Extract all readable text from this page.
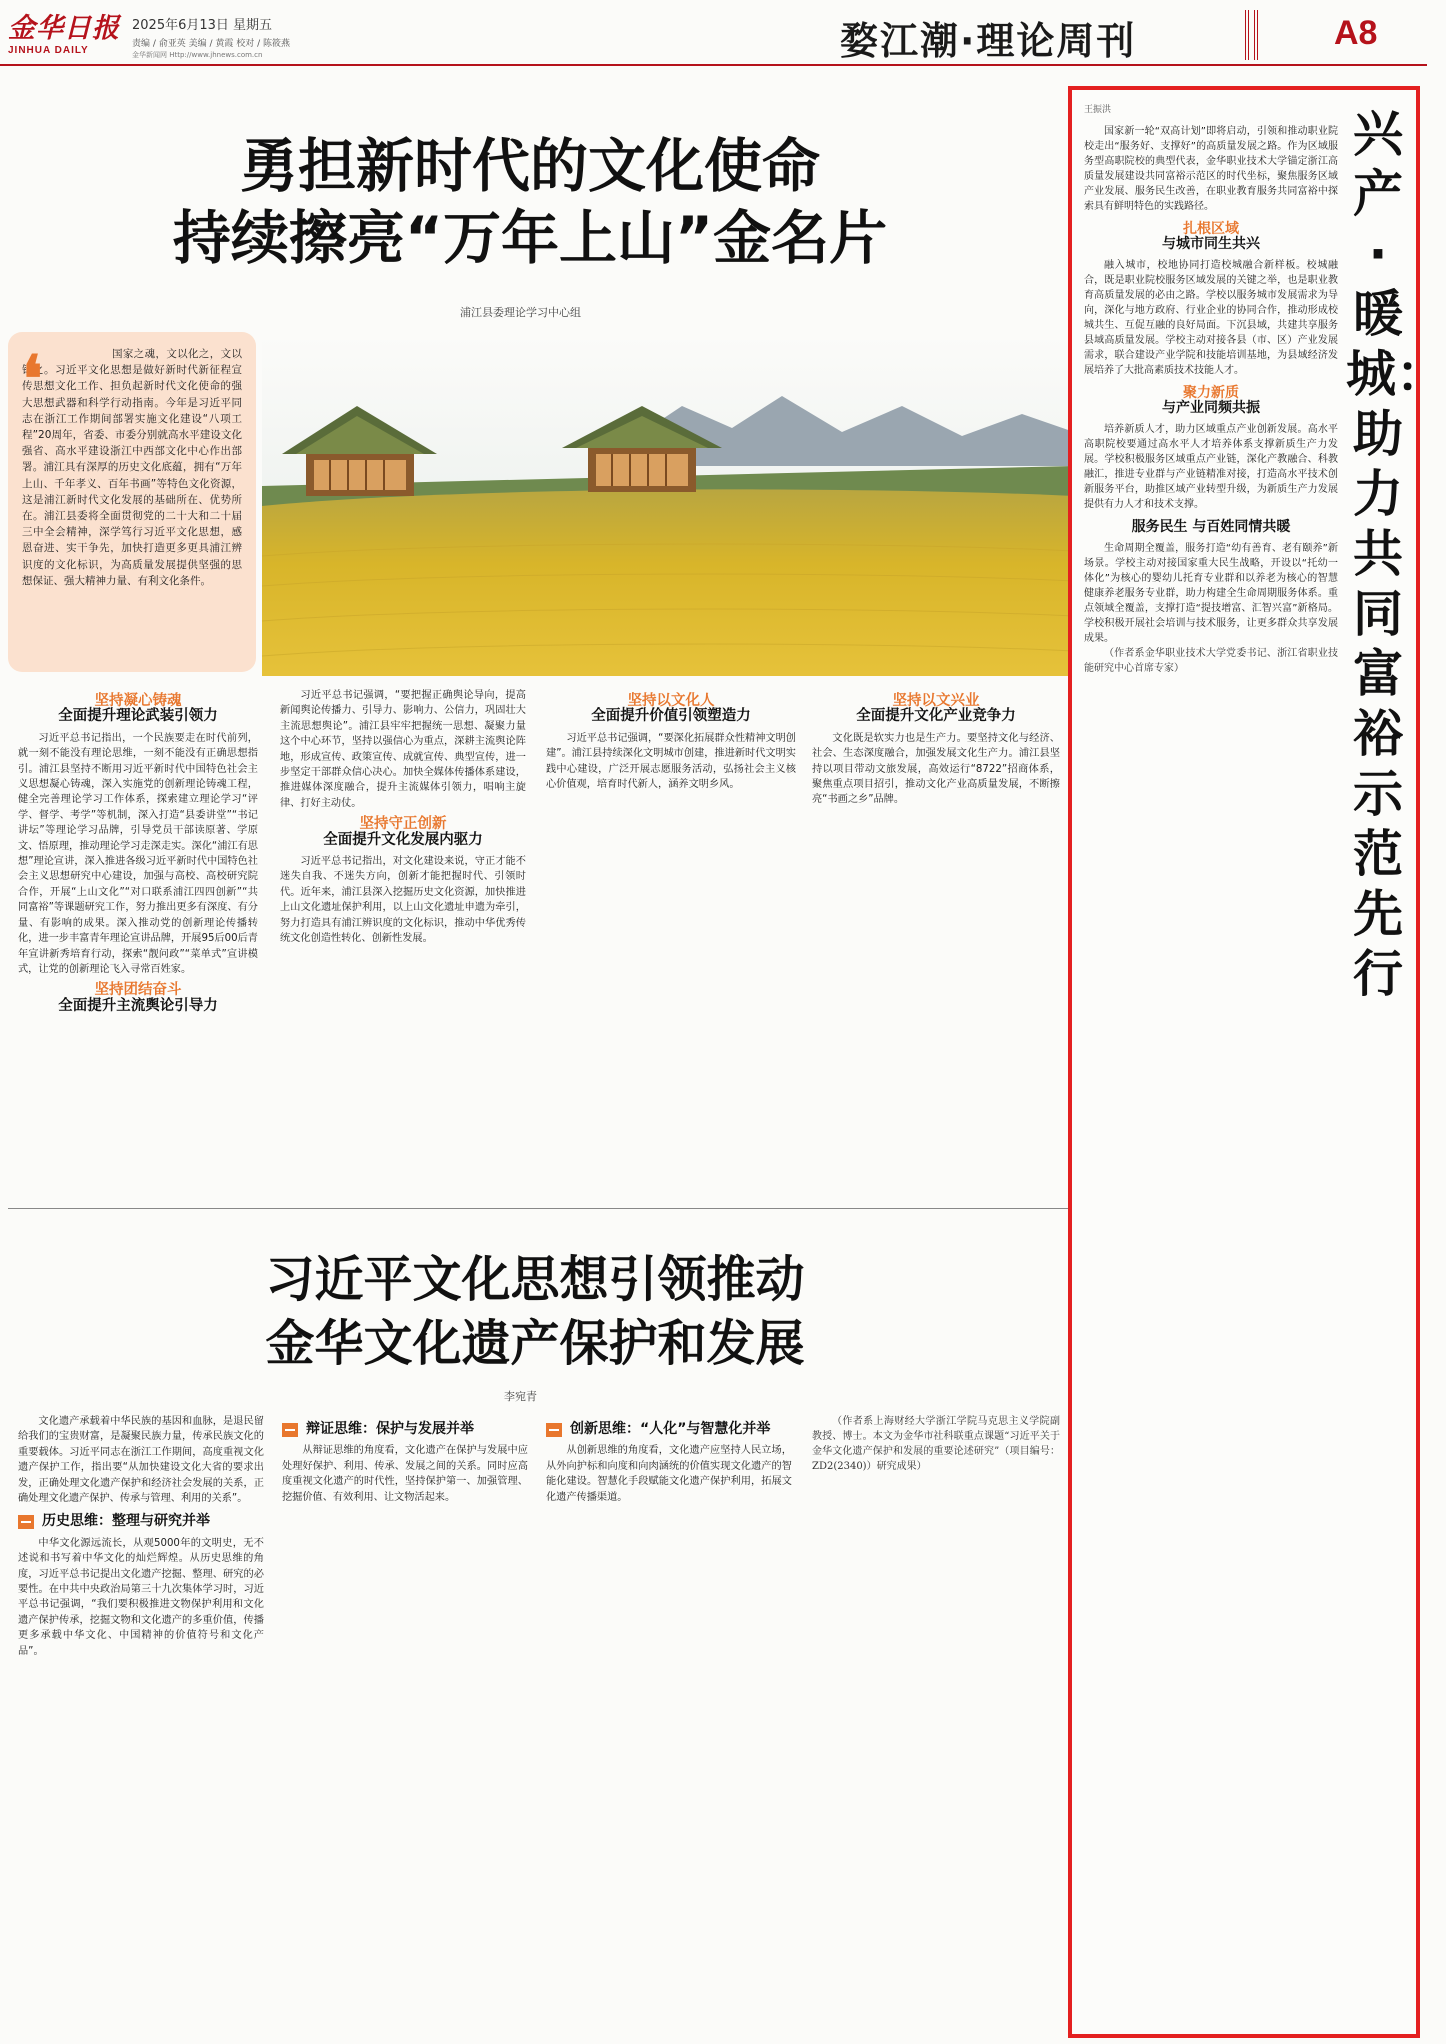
金华日报
JINHUA DAILY
2025年6月13日 星期五
责编 / 俞亚英 美编 / 黄霞 校对 / 陈筱燕
金华新闻网 Http://www.jhnews.com.cn	婺江潮·理论周刊	A8
勇担新时代的文化使命
持续擦亮“万年上山”金名片
浦江县委理论学习中心组
❛	国家之魂，文以化之，文以铸之。习近平文化思想是做好新时代新征程宣传思想文化工作、担负起新时代文化使命的强大思想武器和科学行动指南。今年是习近平同志在浙江工作期间部署实施文化建设“八项工程”20周年，省委、市委分别就高水平建设文化强省、高水平建设浙江中西部文化中心作出部署。浦江具有深厚的历史文化底蕴，拥有“万年上山、千年孝义、百年书画”等特色文化资源，这是浦江新时代文化发展的基础所在、优势所在。浦江县委将全面贯彻党的二十大和二十届三中全会精神，深学笃行习近平文化思想，感恩奋进、实干争先，加快打造更多更具浦江辨识度的文化标识，为高质量发展提供坚强的思想保证、强大精神力量、有利文化条件。

坚持凝心铸魂
全面提升理论武装引领力

习近平总书记指出，一个民族要走在时代前列，就一刻不能没有理论思维，一刻不能没有正确思想指引。浦江县坚持不断用习近平新时代中国特色社会主义思想凝心铸魂，深入实施党的创新理论铸魂工程，健全完善理论学习工作体系，探索建立理论学习“评学、督学、考学”等机制，深入打造“县委讲堂”“书记讲坛”等理论学习品牌，引导党员干部读原著、学原文、悟原理，推动理论学习走深走实。深化“浦江有思想”理论宣讲，深入推进各级习近平新时代中国特色社会主义思想研究中心建设，加强与高校、高校研究院合作，开展“上山文化”“对口联系浦江四四创新”“共同富裕”等课题研究工作，努力推出更多有深度、有分量、有影响的成果。深入推动党的创新理论传播转化，进一步丰富青年理论宣讲品牌，开展95后00后青年宣讲新秀培育行动，探索“靓问政”“菜单式”宣讲模式，让党的创新理论飞入寻常百姓家。

坚持团结奋斗
全面提升主流舆论引导力

习近平总书记强调，“要把握正确舆论导向，提高新闻舆论传播力、引导力、影响力、公信力，巩固壮大主流思想舆论”。浦江县牢牢把握统一思想、凝聚力量这个中心环节，坚持以强信心为重点，深耕主流舆论阵地，形成宣传、政策宣传、成就宣传、典型宣传，进一步坚定干部群众信心决心。加快全媒体传播体系建设，推进媒体深度融合，提升主流媒体引领力，唱响主旋律、打好主动仗。

坚持守正创新
全面提升文化发展内驱力

习近平总书记指出，对文化建设来说，守正才能不迷失自我、不迷失方向，创新才能把握时代、引领时代。近年来，浦江县深入挖掘历史文化资源，加快推进上山文化遗址保护利用，以上山文化遗址申遗为牵引，努力打造具有浦江辨识度的文化标识，推动中华优秀传统文化创造性转化、创新性发展。

坚持以文化人
全面提升价值引领塑造力

习近平总书记强调，“要深化拓展群众性精神文明创建”。浦江县持续深化文明城市创建，推进新时代文明实践中心建设，广泛开展志愿服务活动，弘扬社会主义核心价值观，培育时代新人，涵养文明乡风。

坚持以文兴业
全面提升文化产业竞争力

文化既是软实力也是生产力。要坚持文化与经济、社会、生态深度融合，加强发展文化生产力。浦江县坚持以项目带动文旅发展，高效运行“8722”招商体系，聚焦重点项目招引，推动文化产业高质量发展，不断擦亮“书画之乡”品牌。

习近平文化思想引领推动
金华文化遗产保护和发展
李宛青

文化遗产承载着中华民族的基因和血脉，是退民留给我们的宝贵财富，是凝聚民族力量，传承民族文化的重要载体。习近平同志在浙江工作期间，高度重视文化遗产保护工作，指出要“从加快建设文化大省的要求出发，正确处理文化遗产保护和经济社会发展的关系，正确处理文化遗产保护、传承与管理、利用的关系”。

历史思维：整理与研究并举

中华文化源远流长，从观5000年的文明史，无不述说和书写着中华文化的灿烂辉煌。从历史思维的角度，习近平总书记提出文化遗产挖掘、整理、研究的必要性。在中共中央政治局第三十九次集体学习时，习近平总书记强调，“我们要积极推进文物保护利用和文化遗产保护传承，挖掘文物和文化遗产的多重价值，传播更多承载中华文化、中国精神的价值符号和文化产品”。

辩证思维：保护与发展并举

从辩证思维的角度看，文化遗产在保护与发展中应处理好保护、利用、传承、发展之间的关系。同时应高度重视文化遗产的时代性，坚持保护第一、加强管理、挖掘价值、有效利用、让文物活起来。

创新思维：“人化”与智慧化并举

从创新思维的角度看，文化遗产应坚持人民立场，从外向护标和向度和向肉涵统的价值实现文化遗产的智能化建设。智慧化手段赋能文化遗产保护利用，拓展文化遗产传播渠道。

（作者系上海财经大学浙江学院马克思主义学院副教授、博士。本文为金华市社科联重点课题“习近平关于金华文化遗产保护和发展的重要论述研究”（项目编号：ZD2(2340)）研究成果）

王振洪	兴产·暖城：助力共同富裕示范先行

国家新一轮“双高计划”即将启动，引领和推动职业院校走出“服务好、支撑好”的高质量发展之路。作为区域服务型高职院校的典型代表，金华职业技术大学锚定浙江高质量发展建设共同富裕示范区的时代坐标，聚焦服务区域产业发展、服务民生改善，在职业教育服务共同富裕中探索具有鲜明特色的实践路径。

扎根区域
与城市同生共兴

融入城市，校地协同打造校城融合新样板。校城融合，既是职业院校服务区域发展的关键之举，也是职业教育高质量发展的必由之路。学校以服务城市发展需求为导向，深化与地方政府、行业企业的协同合作，推动形成校城共生、互促互融的良好局面。下沉县域，共建共享服务县域高质量发展。学校主动对接各县（市、区）产业发展需求，联合建设产业学院和技能培训基地，为县域经济发展培养了大批高素质技术技能人才。

聚力新质
与产业同频共振

培养新质人才，助力区域重点产业创新发展。高水平高职院校要通过高水平人才培养体系支撑新质生产力发展。学校积极服务区域重点产业链，深化产教融合、科教融汇，推进专业群与产业链精准对接，打造高水平技术创新服务平台，助推区域产业转型升级，为新质生产力发展提供有力人才和技术支撑。

服务民生 与百姓同情共暖

生命周期全覆盖，服务打造“幼有善育、老有颐养”新场景。学校主动对接国家重大民生战略，开设以“托幼一体化”为核心的婴幼儿托育专业群和以养老为核心的智慧健康养老服务专业群，助力构建全生命周期服务体系。重点领域全覆盖，支撑打造“提技增富、汇智兴富”新格局。学校积极开展社会培训与技术服务，让更多群众共享发展成果。

（作者系金华职业技术大学党委书记、浙江省职业技能研究中心首席专家）
